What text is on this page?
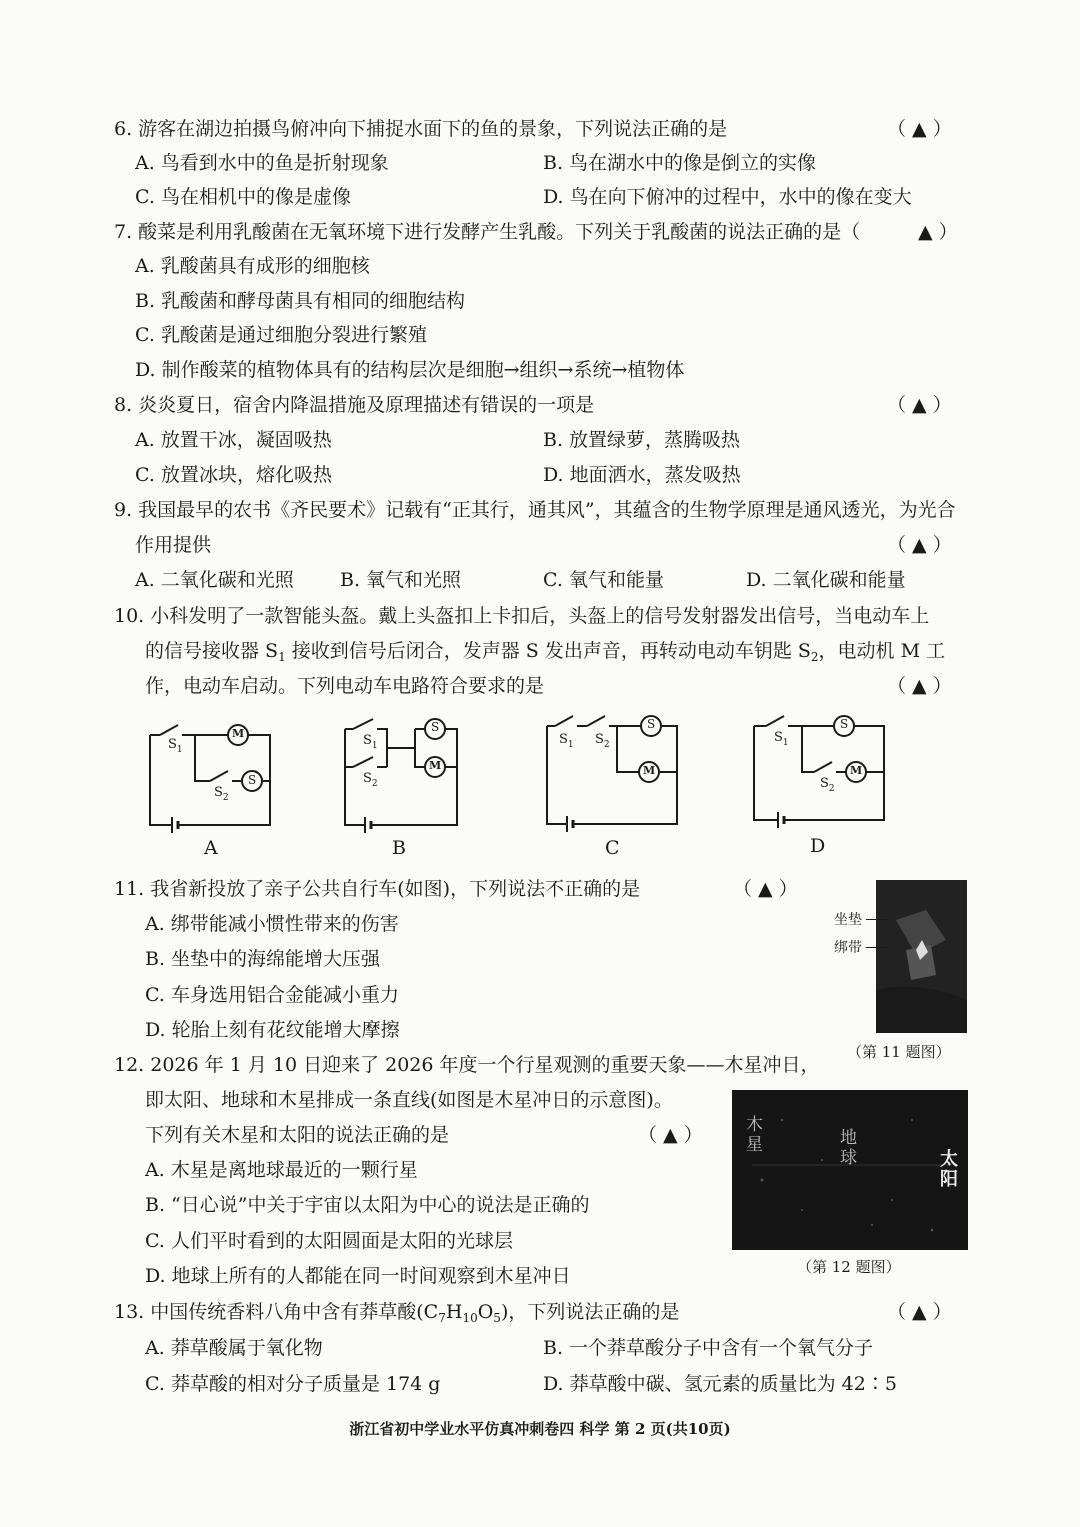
6. 游客在湖边拍摄鸟俯冲向下捕捉水面下的鱼的景象，下列说法正确的是	（ ▲ ）
A. 鸟看到水中的鱼是折射现象	B. 鸟在湖水中的像是倒立的实像
C. 鸟在相机中的像是虚像	D. 鸟在向下俯冲的过程中，水中的像在变大
7. 酸菜是利用乳酸菌在无氧环境下进行发酵产生乳酸。下列关于乳酸菌的说法正确的是（	▲ ）
A. 乳酸菌具有成形的细胞核
B. 乳酸菌和酵母菌具有相同的细胞结构
C. 乳酸菌是通过细胞分裂进行繁殖
D. 制作酸菜的植物体具有的结构层次是细胞→组织→系统→植物体
8. 炎炎夏日，宿舍内降温措施及原理描述有错误的一项是	（ ▲ ）
A. 放置干冰，凝固吸热	B. 放置绿萝，蒸腾吸热
C. 放置冰块，熔化吸热	D. 地面洒水，蒸发吸热
9. 我国最早的农书《齐民要术》记载有“正其行，通其风”，其蕴含的生物学原理是通风透光，为光合
作用提供	（ ▲ ）
A. 二氧化碳和光照 B. 氧气和光照	C. 氧气和能量	D. 二氧化碳和能量
10. 小科发明了一款智能头盔。戴上头盔扣上卡扣后，头盔上的信号发射器发出信号，当电动车上
的信号接收器 $S_1$ 接收到信号后闭合，发声器 S 发出声音，再转动电动车钥匙 $S_2$，电动机 M 工
作，电动车启动。下列电动车电路符合要求的是	（ ▲ ）
$S_1$
$S_2$
M
S
A
$S_1$
$S_2$
S
M
B
$S_1$ $S_2$
S
M
C
$S_1$
$S_2$
S
M
D
11. 我省新投放了亲子公共自行车(如图)，下列说法不正确的是	（ ▲ ）
A. 绑带能减小惯性带来的伤害
B. 坐垫中的海绵能增大压强
C. 车身选用铝合金能减小重力
D. 轮胎上刻有花纹能增大摩擦
坐垫
绑带
（第 11 题图）
12. 2026 年 1 月 10 日迎来了 2026 年度一个行星观测的重要天象——木星冲日，
即太阳、地球和木星排成一条直线(如图是木星冲日的示意图)。
下列有关木星和太阳的说法正确的是	（ ▲ ）
A. 木星是离地球最近的一颗行星
B. “日心说”中关于宇宙以太阳为中心的说法是正确的
C. 人们平时看到的太阳圆面是太阳的光球层
D. 地球上所有的人都能在同一时间观察到木星冲日
木星	地球	太阳
（第 12 题图）
13. 中国传统香料八角中含有莽草酸$(C_7H_{10}O_5)$，下列说法正确的是	（ ▲ ）
A. 莽草酸属于氧化物	B. 一个莽草酸分子中含有一个氧气分子
C. 莽草酸的相对分子质量是 174 g	D. 莽草酸中碳、氢元素的质量比为 42∶5
浙江省初中学业水平仿真冲刺卷四 科学 第 2 页(共10页)
